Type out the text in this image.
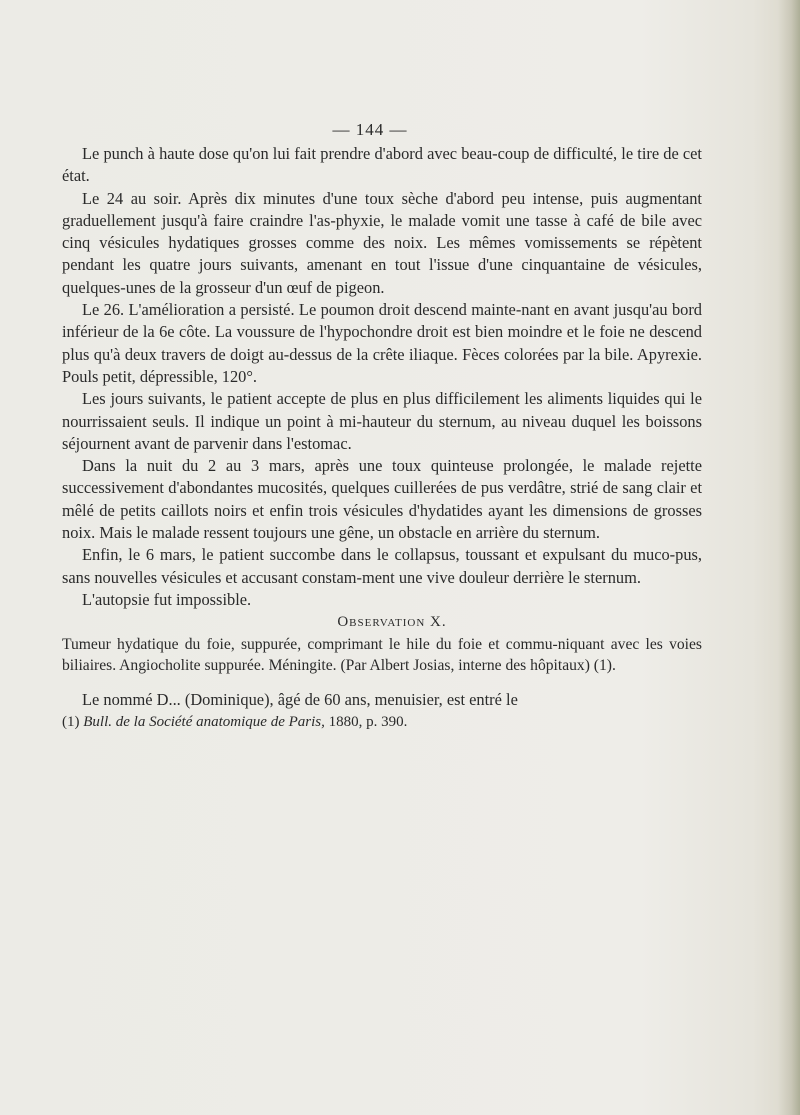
— 144 —

Le punch à haute dose qu'on lui fait prendre d'abord avec beau-coup de difficulté, le tire de cet état.

Le 24 au soir. Après dix minutes d'une toux sèche d'abord peu intense, puis augmentant graduellement jusqu'à faire craindre l'as-phyxie, le malade vomit une tasse à café de bile avec cinq vésicules hydatiques grosses comme des noix. Les mêmes vomissements se répètent pendant les quatre jours suivants, amenant en tout l'issue d'une cinquantaine de vésicules, quelques-unes de la grosseur d'un œuf de pigeon.

Le 26. L'amélioration a persisté. Le poumon droit descend mainte-nant en avant jusqu'au bord inférieur de la 6e côte. La voussure de l'hypochondre droit est bien moindre et le foie ne descend plus qu'à deux travers de doigt au-dessus de la crête iliaque. Fèces colorées par la bile. Apyrexie. Pouls petit, dépressible, 120°.

Les jours suivants, le patient accepte de plus en plus difficilement les aliments liquides qui le nourrissaient seuls. Il indique un point à mi-hauteur du sternum, au niveau duquel les boissons séjournent avant de parvenir dans l'estomac.

Dans la nuit du 2 au 3 mars, après une toux quinteuse prolongée, le malade rejette successivement d'abondantes mucosités, quelques cuillerées de pus verdâtre, strié de sang clair et mêlé de petits caillots noirs et enfin trois vésicules d'hydatides ayant les dimensions de grosses noix. Mais le malade ressent toujours une gêne, un obstacle en arrière du sternum.

Enfin, le 6 mars, le patient succombe dans le collapsus, toussant et expulsant du muco-pus, sans nouvelles vésicules et accusant constam-ment une vive douleur derrière le sternum.

L'autopsie fut impossible.

Observation X.

Tumeur hydatique du foie, suppurée, comprimant le hile du foie et commu-niquant avec les voies biliaires. Angiocholite suppurée. Méningite. (Par Albert Josias, interne des hôpitaux) (1).

Le nommé D... (Dominique), âgé de 60 ans, menuisier, est entré le

(1) Bull. de la Société anatomique de Paris, 1880, p. 390.
